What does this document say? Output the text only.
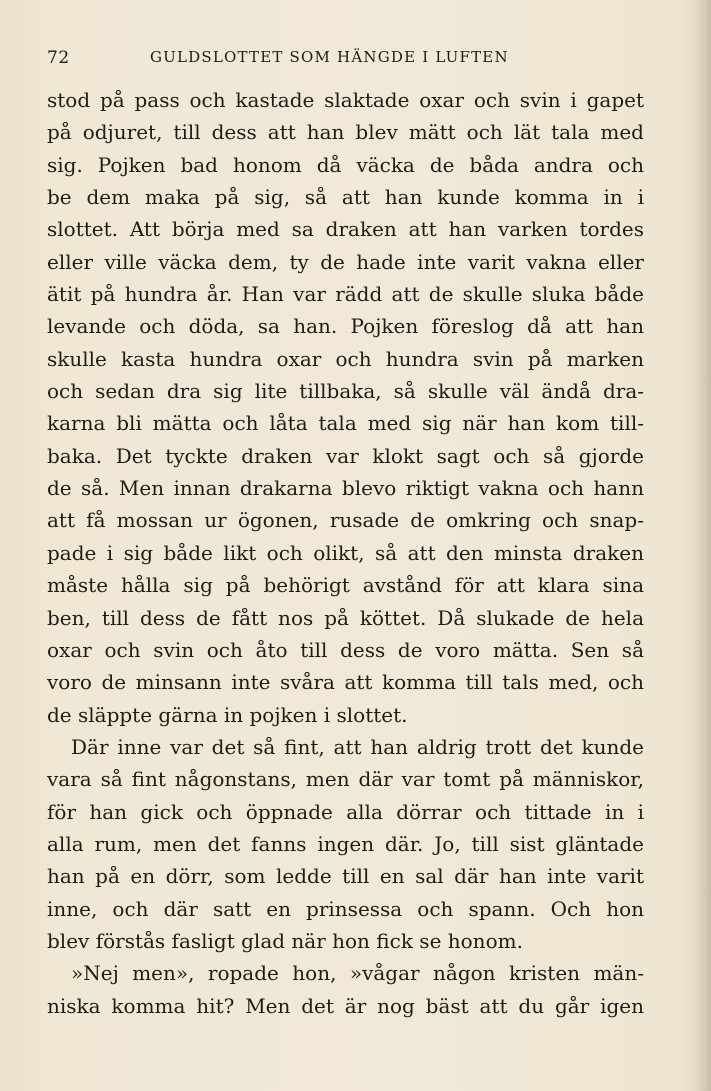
72	GULDSLOTTET SOM HÄNGDE I LUFTEN
stod på pass och kastade slaktade oxar och svin i gapet
på odjuret, till dess att han blev mätt och lät tala med
sig. Pojken bad honom då väcka de båda andra och
be dem maka på sig, så att han kunde komma in i
slottet. Att börja med sa draken att han varken tordes
eller ville väcka dem, ty de hade inte varit vakna eller
ätit på hundra år. Han var rädd att de skulle sluka både
levande och döda, sa han. Pojken föreslog då att han
skulle kasta hundra oxar och hundra svin på marken
och sedan dra sig lite tillbaka, så skulle väl ändå dra-
karna bli mätta och låta tala med sig när han kom till-
baka. Det tyckte draken var klokt sagt och så gjorde
de så. Men innan drakarna blevo riktigt vakna och hann
att få mossan ur ögonen, rusade de omkring och snap-
pade i sig både likt och olikt, så att den minsta draken
måste hålla sig på behörigt avstånd för att klara sina
ben, till dess de fått nos på köttet. Då slukade de hela
oxar och svin och åto till dess de voro mätta. Sen så
voro de minsann inte svåra att komma till tals med, och
de släppte gärna in pojken i slottet.
Där inne var det så fint, att han aldrig trott det kunde
vara så fint någonstans, men där var tomt på människor,
för han gick och öppnade alla dörrar och tittade in i
alla rum, men det fanns ingen där. Jo, till sist gläntade
han på en dörr, som ledde till en sal där han inte varit
inne, och där satt en prinsessa och spann. Och hon
blev förstås fasligt glad när hon fick se honom.
»Nej men», ropade hon, »vågar någon kristen män-
niska komma hit? Men det är nog bäst att du går igen
